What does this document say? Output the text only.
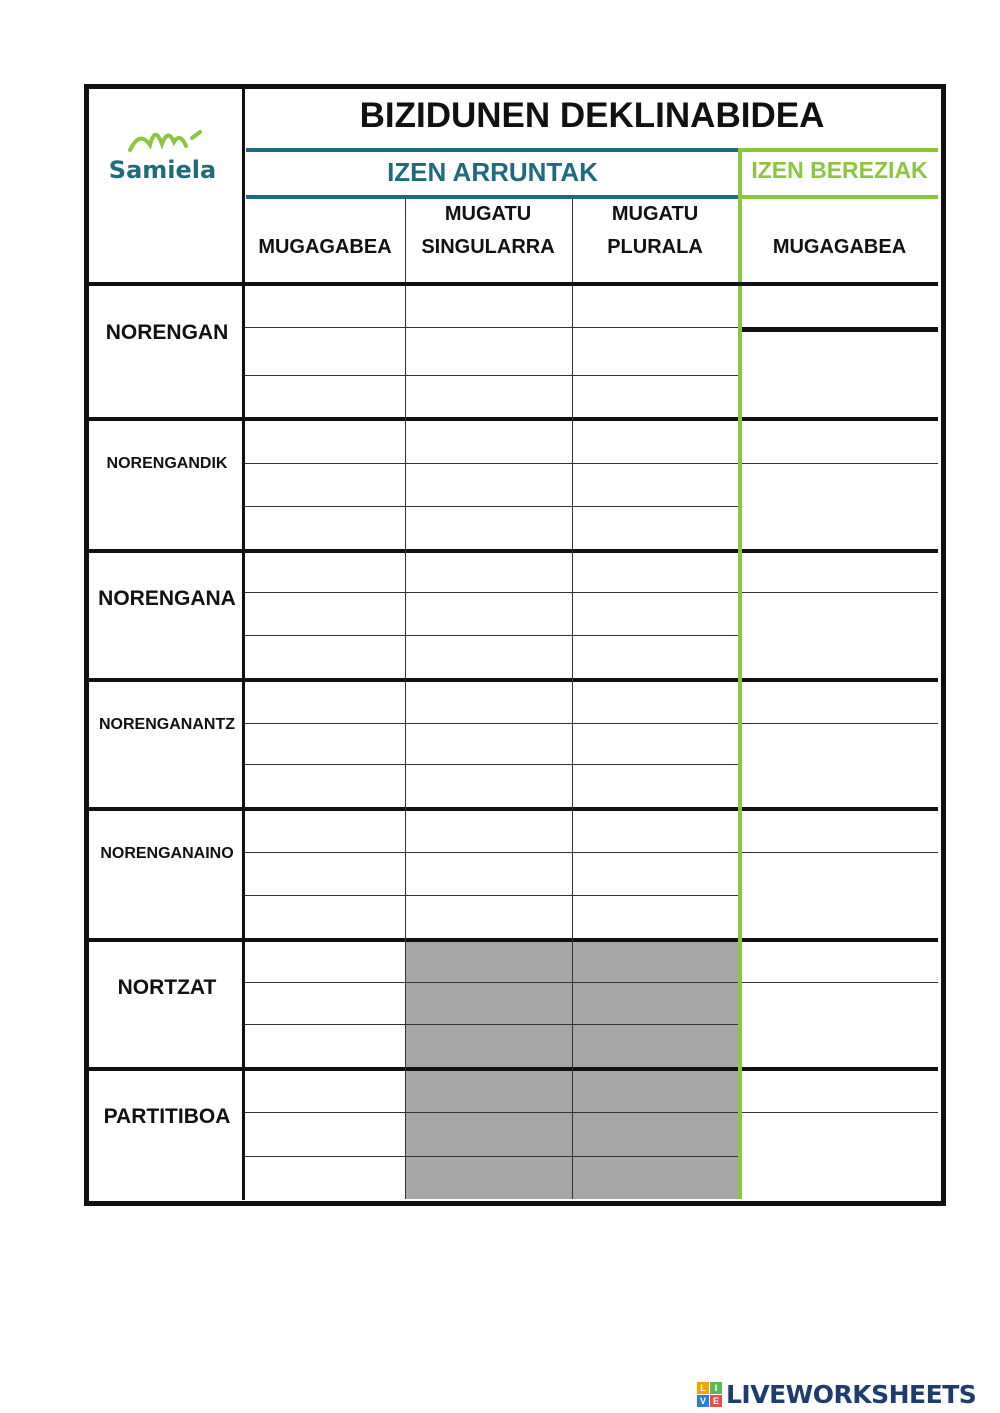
Samiela
BIZIDUNEN DEKLINABIDEA
IZEN ARRUNTAK	IZEN BEREZIAK
MUGAGABEA
MUGATU
SINGULARRA
MUGATU
PLURALA	MUGAGABEA
NORENGAN
NORENGANDIK
NORENGANA
NORENGANANTZ
NORENGANAINO
NORTZAT
PARTITIBOA
L I
V E LIVEWORKSHEETS
